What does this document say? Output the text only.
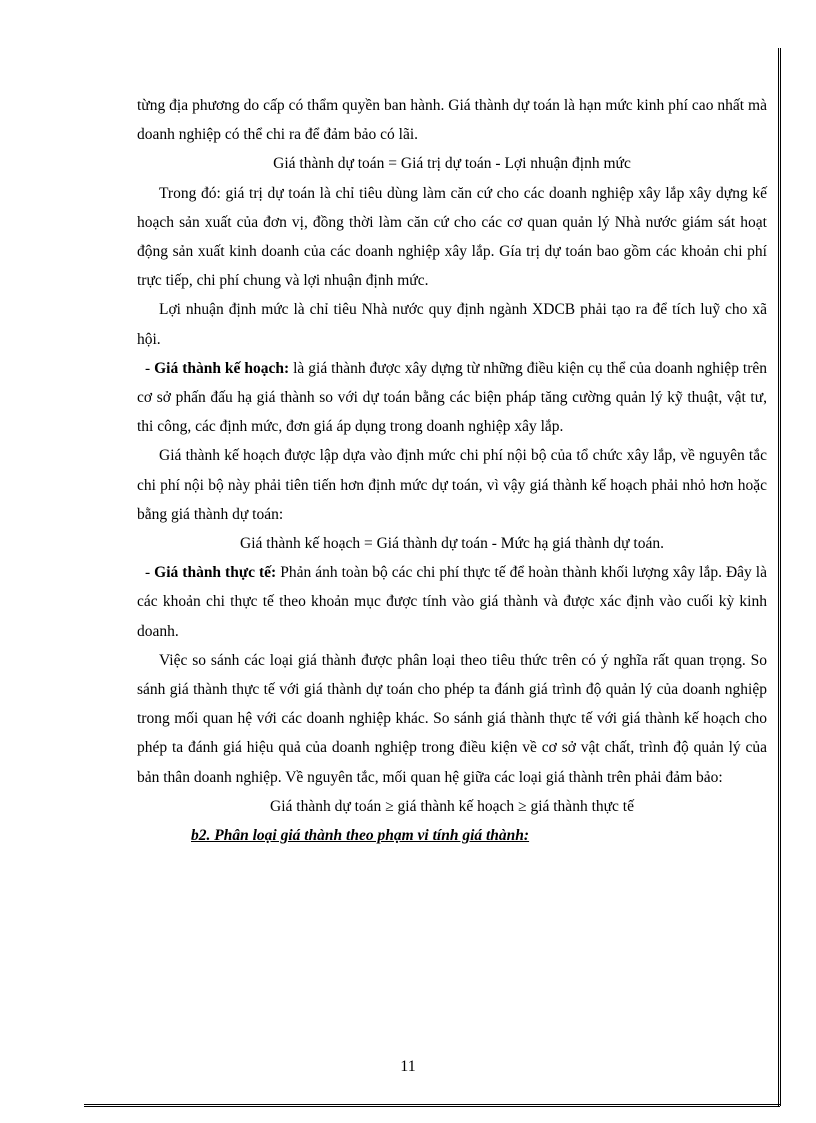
từng địa phương do cấp có thẩm quyền ban hành. Giá thành dự toán là hạn mức kinh phí cao nhất mà doanh nghiệp có thể chi ra để đảm bảo có lãi.

Giá thành dự toán = Giá trị dự toán - Lợi nhuận định mức

Trong đó: giá trị dự toán là chỉ tiêu dùng làm căn cứ cho các doanh nghiệp xây lắp xây dựng kế hoạch sản xuất của đơn vị, đồng thời làm căn cứ cho các cơ quan quản lý Nhà nước giám sát hoạt động sản xuất kinh doanh của các doanh nghiệp xây lắp. Gía trị dự toán bao gồm các khoản chi phí trực tiếp, chi phí chung và lợi nhuận định mức.

Lợi nhuận định mức là chỉ tiêu Nhà nước quy định ngành XDCB phải tạo ra để tích luỹ cho xã hội.

- Giá thành kế hoạch: là giá thành được xây dựng từ những điều kiện cụ thể của doanh nghiệp trên cơ sở phấn đấu hạ giá thành so với dự toán bằng các biện pháp tăng cường quản lý kỹ thuật, vật tư, thi công, các định mức, đơn giá áp dụng trong doanh nghiệp xây lắp.

Giá thành kế hoạch được lập dựa vào định mức chi phí nội bộ của tổ chức xây lắp, về nguyên tắc chi phí nội bộ này phải tiên tiến hơn định mức dự toán, vì vậy giá thành kế hoạch phải nhỏ hơn hoặc bằng giá thành dự toán:

Giá thành kế hoạch = Giá thành dự toán - Mức hạ giá thành dự toán.

- Giá thành thực tế: Phản ánh toàn bộ các chi phí thực tế để hoàn thành khối lượng xây lắp. Đây là các khoản chi thực tế theo khoản mục được tính vào giá thành và được xác định vào cuối kỳ kinh doanh.

Việc so sánh các loại giá thành được phân loại theo tiêu thức trên có ý nghĩa rất quan trọng. So sánh giá thành thực tế với giá thành dự toán cho phép ta đánh giá trình độ quản lý của doanh nghiệp trong mối quan hệ với các doanh nghiệp khác. So sánh giá thành thực tế với giá thành kế hoạch cho phép ta đánh giá hiệu quả của doanh nghiệp trong điều kiện về cơ sở vật chất, trình độ quản lý của bản thân doanh nghiệp. Về nguyên tắc, mối quan hệ giữa các loại giá thành trên phải đảm bảo:

Giá thành dự toán ≥ giá thành kế hoạch ≥ giá thành thực tế

b2. Phân loại giá thành theo phạm vi tính giá thành:

11
